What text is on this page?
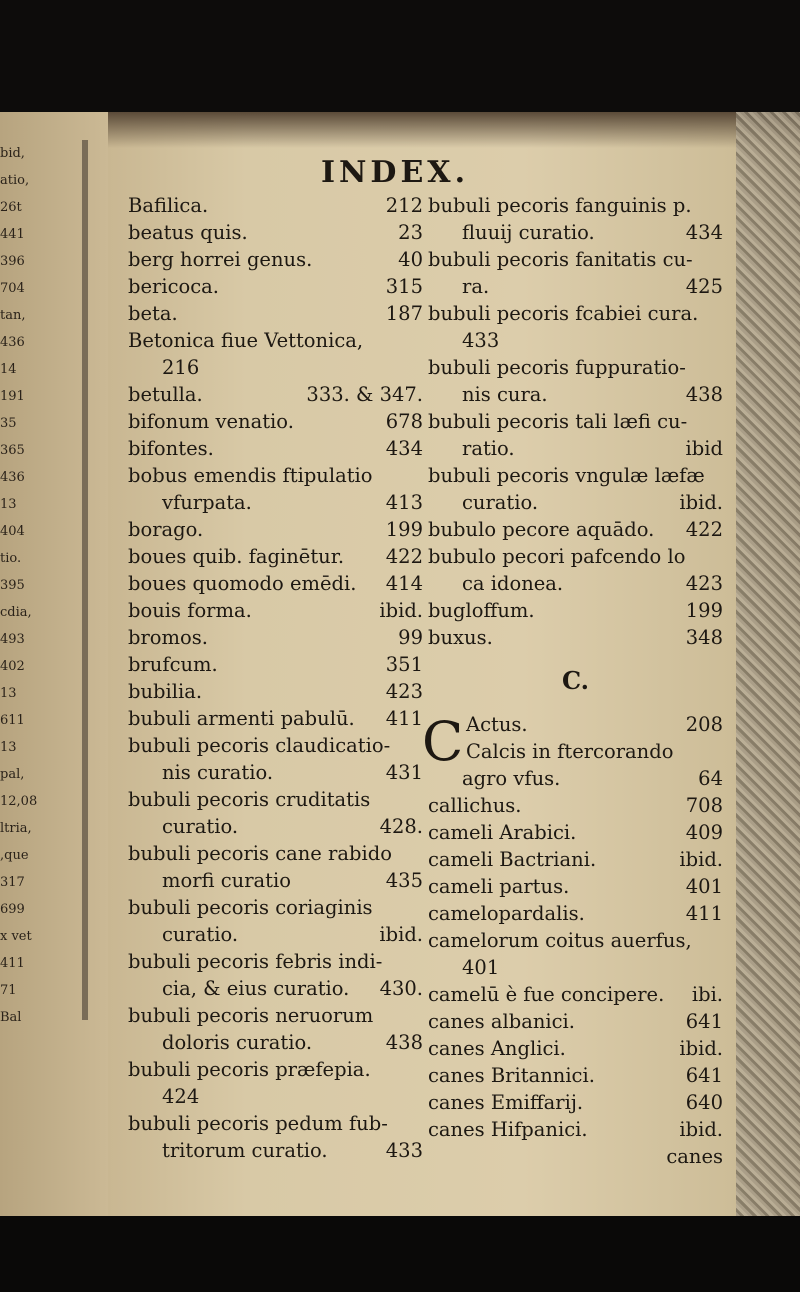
bid,
atio,
26t
441
396
704
tan,
436
14
191
35
365
436
13
404
tio.
395
cdia,
493
402
13
611
13
pal,
12,08
ltria,
,que
317
699
x vet
411
71
Bal
INDEX.
Bafilica.	212
beatus quis.	23
berg horrei genus.	40
bericoca.	315
beta.	187
Betonica fiue Vettonica,
216
betulla.	333. & 347.
bifonum venatio.	678
bifontes.	434
bobus emendis ftipulatio
vfurpata.	413
borago.	199
boues quib. faginētur. 422
boues quomodo emēdi. 414
bouis forma.	ibid.
bromos.	99
brufcum.	351
bubilia.	423
bubuli armenti pabulū. 411
bubuli pecoris claudicatio-
nis curatio.	431
bubuli pecoris cruditatis
curatio.	428.
bubuli pecoris cane rabido
morfi curatio	435
bubuli pecoris coriaginis
curatio.	ibid.
bubuli pecoris febris indi-
cia, & eius curatio. 430.
bubuli pecoris neruorum
doloris curatio.	438
bubuli pecoris præfepia.
424
bubuli pecoris pedum fub-
tritorum curatio.	433
bubuli pecoris fanguinis p.
fluuij curatio.	434
bubuli pecoris fanitatis cu-
ra.	425
bubuli pecoris fcabiei cura.
433
bubuli pecoris fuppuratio-
nis cura.	438
bubuli pecoris tali læfi cu-
ratio.	ibid
bubuli pecoris vngulæ læfæ
curatio.	ibid.
bubulo pecore aquādo. 422
bubulo pecori pafcendo lo
ca idonea.	423
bugloffum.	199
buxus.	348
C.
C Actus.	208
Calcis in ftercorando
agro vfus.	64
callichus.	708
cameli Arabici.	409
cameli Bactriani.	ibid.
cameli partus.	401
camelopardalis.	411
camelorum coitus auerfus,
401
camelū è fue concipere. ibi.
canes albanici.	641
canes Anglici.	ibid.
canes Britannici.	641
canes Emiffarij.	640
canes Hifpanici.	ibid.
canes
